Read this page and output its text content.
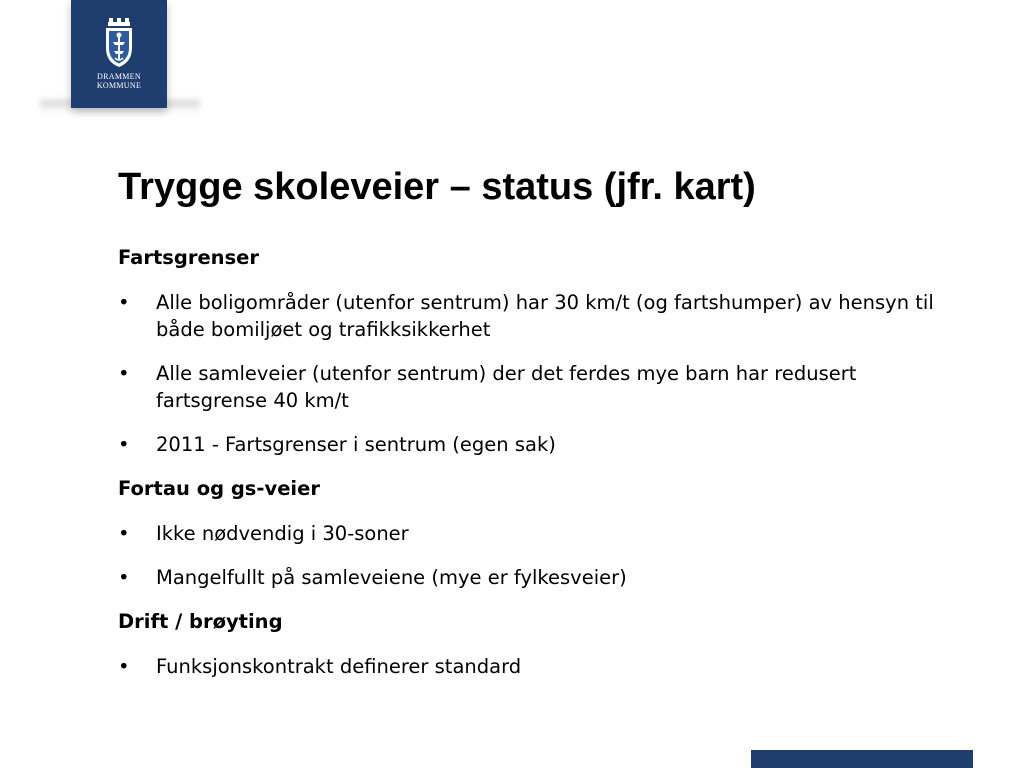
DRAMMEN
KOMMUNE
Trygge skoleveier – status (jfr. kart)
Fartsgrenser
• Alle boligområder (utenfor sentrum) har 30 km/t (og fartshumper) av hensyn til både bomiljøet og trafikksikkerhet
• Alle samleveier (utenfor sentrum) der det ferdes mye barn har redusert fartsgrense 40 km/t
• 2011 - Fartsgrenser i sentrum (egen sak)
Fortau og gs-veier
• Ikke nødvendig i 30-soner
• Mangelfullt på samleveiene (mye er fylkesveier)
Drift / brøyting
• Funksjonskontrakt definerer standard
